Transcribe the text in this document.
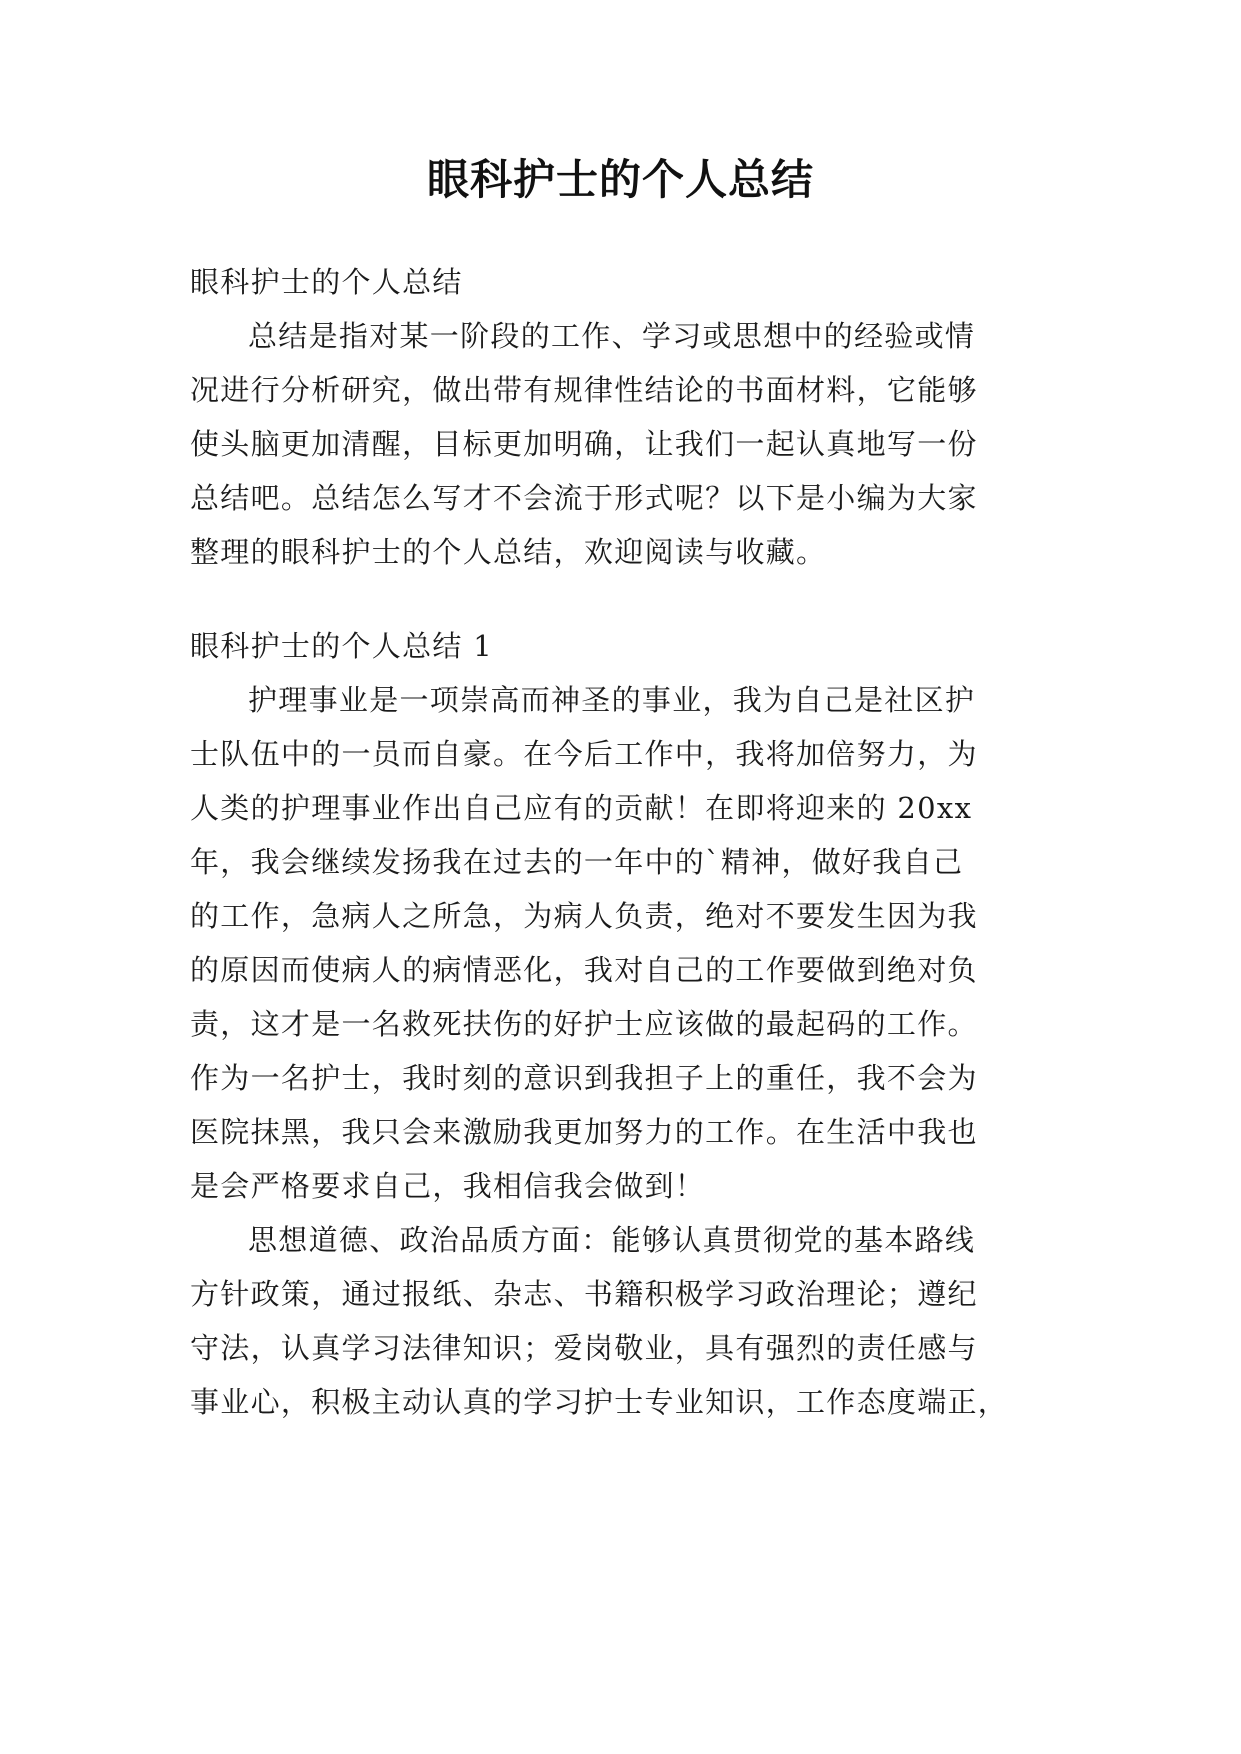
眼科护士的个人总结
眼科护士的个人总结
总结是指对某一阶段的工作、学习或思想中的经验或情
况进行分析研究，做出带有规律性结论的书面材料，它能够
使头脑更加清醒，目标更加明确，让我们一起认真地写一份
总结吧。总结怎么写才不会流于形式呢？以下是小编为大家
整理的眼科护士的个人总结，欢迎阅读与收藏。
眼科护士的个人总结 1
护理事业是一项崇高而神圣的事业，我为自己是社区护
士队伍中的一员而自豪。在今后工作中，我将加倍努力，为
人类的护理事业作出自己应有的贡献！在即将迎来的 20xx
年，我会继续发扬我在过去的一年中的`精神，做好我自己
的工作，急病人之所急，为病人负责，绝对不要发生因为我
的原因而使病人的病情恶化，我对自己的工作要做到绝对负
责，这才是一名救死扶伤的好护士应该做的最起码的工作。
作为一名护士，我时刻的意识到我担子上的重任，我不会为
医院抹黑，我只会来激励我更加努力的工作。在生活中我也
是会严格要求自己，我相信我会做到！
思想道德、政治品质方面：能够认真贯彻党的基本路线
方针政策，通过报纸、杂志、书籍积极学习政治理论；遵纪
守法，认真学习法律知识；爱岗敬业，具有强烈的责任感与
事业心，积极主动认真的学习护士专业知识，工作态度端正，
